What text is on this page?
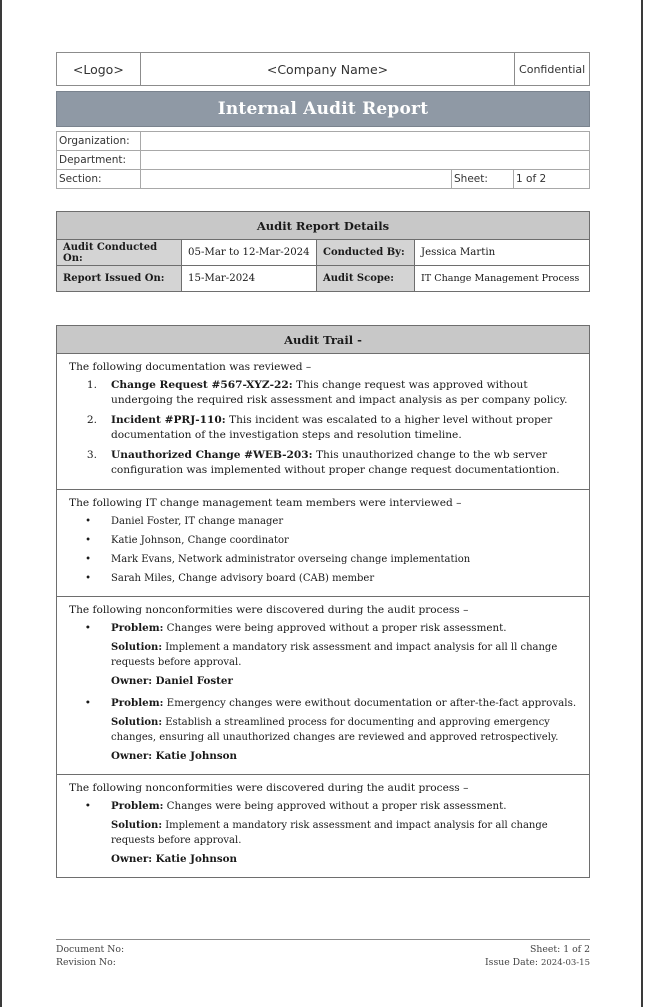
<Logo>	<Company Name>	Confidential
Internal Audit Report
Organization:			
Department:			
Section:		Sheet:	1 of 2
Audit Report Details			
Audit Conducted On:	05-Mar to 12-Mar-2024	Conducted By:	Jessica Martin
Report Issued On:	15-Mar-2024	Audit Scope:	IT Change Management Process
Audit Trail -
The following documentation was reviewed –
1.	Change Request #567-XYZ-22: This change request was approved without undergoing the required risk assessment and impact analysis as per company policy.
2.	Incident #PRJ-110: This incident was escalated to a higher level without proper documentation of the investigation steps and resolution timeline.
3.	Unauthorized Change #WEB-203: This unauthorized change to the wb server configuration was implemented without proper change request documentationtion.
The following IT change management team members were interviewed –
•	Daniel Foster, IT change manager
•	Katie Johnson, Change coordinator
•	Mark Evans, Network administrator overseing change implementation
•	Sarah Miles, Change advisory board (CAB) member
The following nonconformities were discovered during the audit process –
•	Problem: Changes were being approved without a proper risk assessment.
Solution: Implement a mandatory risk assessment and impact analysis for all ll change requests before approval.
Owner: Daniel Foster
•	Problem: Emergency changes were ewithout documentation or after-the-fact approvals.
Solution: Establish a streamlined process for documenting and approving emergency changes, ensuring all unauthorized changes are reviewed and approved retrospectively.
Owner: Katie Johnson
The following nonconformities were discovered during the audit process –
•	Problem: Changes were being approved without a proper risk assessment.
Solution: Implement a mandatory risk assessment and impact analysis for all change requests before approval.
Owner: Katie Johnson
Document No:	Sheet: 1 of 2
Revision No:	Issue Date: 2024-03-15
